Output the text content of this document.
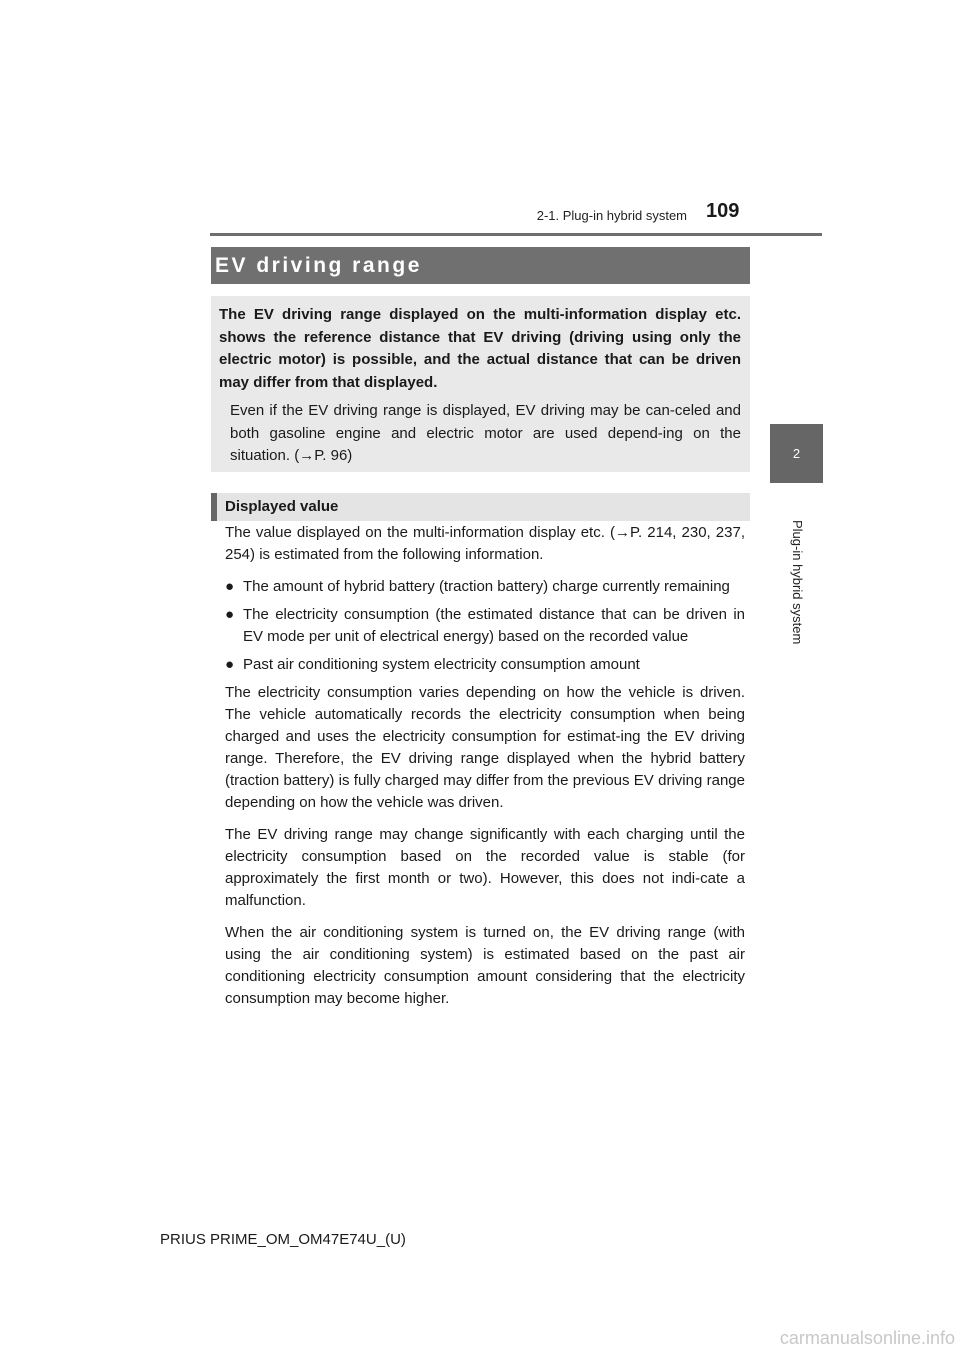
2-1. Plug-in hybrid system 109
2
Plug-in hybrid system
EV driving range

The EV driving range displayed on the multi-information display etc. shows the reference distance that EV driving (driving using only the electric motor) is possible, and the actual distance that can be driven may differ from that displayed.

Even if the EV driving range is displayed, EV driving may be can-celed and both gasoline engine and electric motor are used depend-ing on the situation. (→P. 96)

Displayed value

The value displayed on the multi-information display etc. (→P. 214, 230, 237, 254) is estimated from the following information.

● The amount of hybrid battery (traction battery) charge currently remaining
● The electricity consumption (the estimated distance that can be driven in EV mode per unit of electrical energy) based on the recorded value
● Past air conditioning system electricity consumption amount

The electricity consumption varies depending on how the vehicle is driven. The vehicle automatically records the electricity consumption when being charged and uses the electricity consumption for estimat-ing the EV driving range. Therefore, the EV driving range displayed when the hybrid battery (traction battery) is fully charged may differ from the previous EV driving range depending on how the vehicle was driven.

The EV driving range may change significantly with each charging until the electricity consumption based on the recorded value is stable (for approximately the first month or two). However, this does not indi-cate a malfunction.

When the air conditioning system is turned on, the EV driving range (with using the air conditioning system) is estimated based on the past air conditioning electricity consumption amount considering that the electricity consumption may become higher.

PRIUS PRIME_OM_OM47E74U_(U)
carmanualsonline.info
